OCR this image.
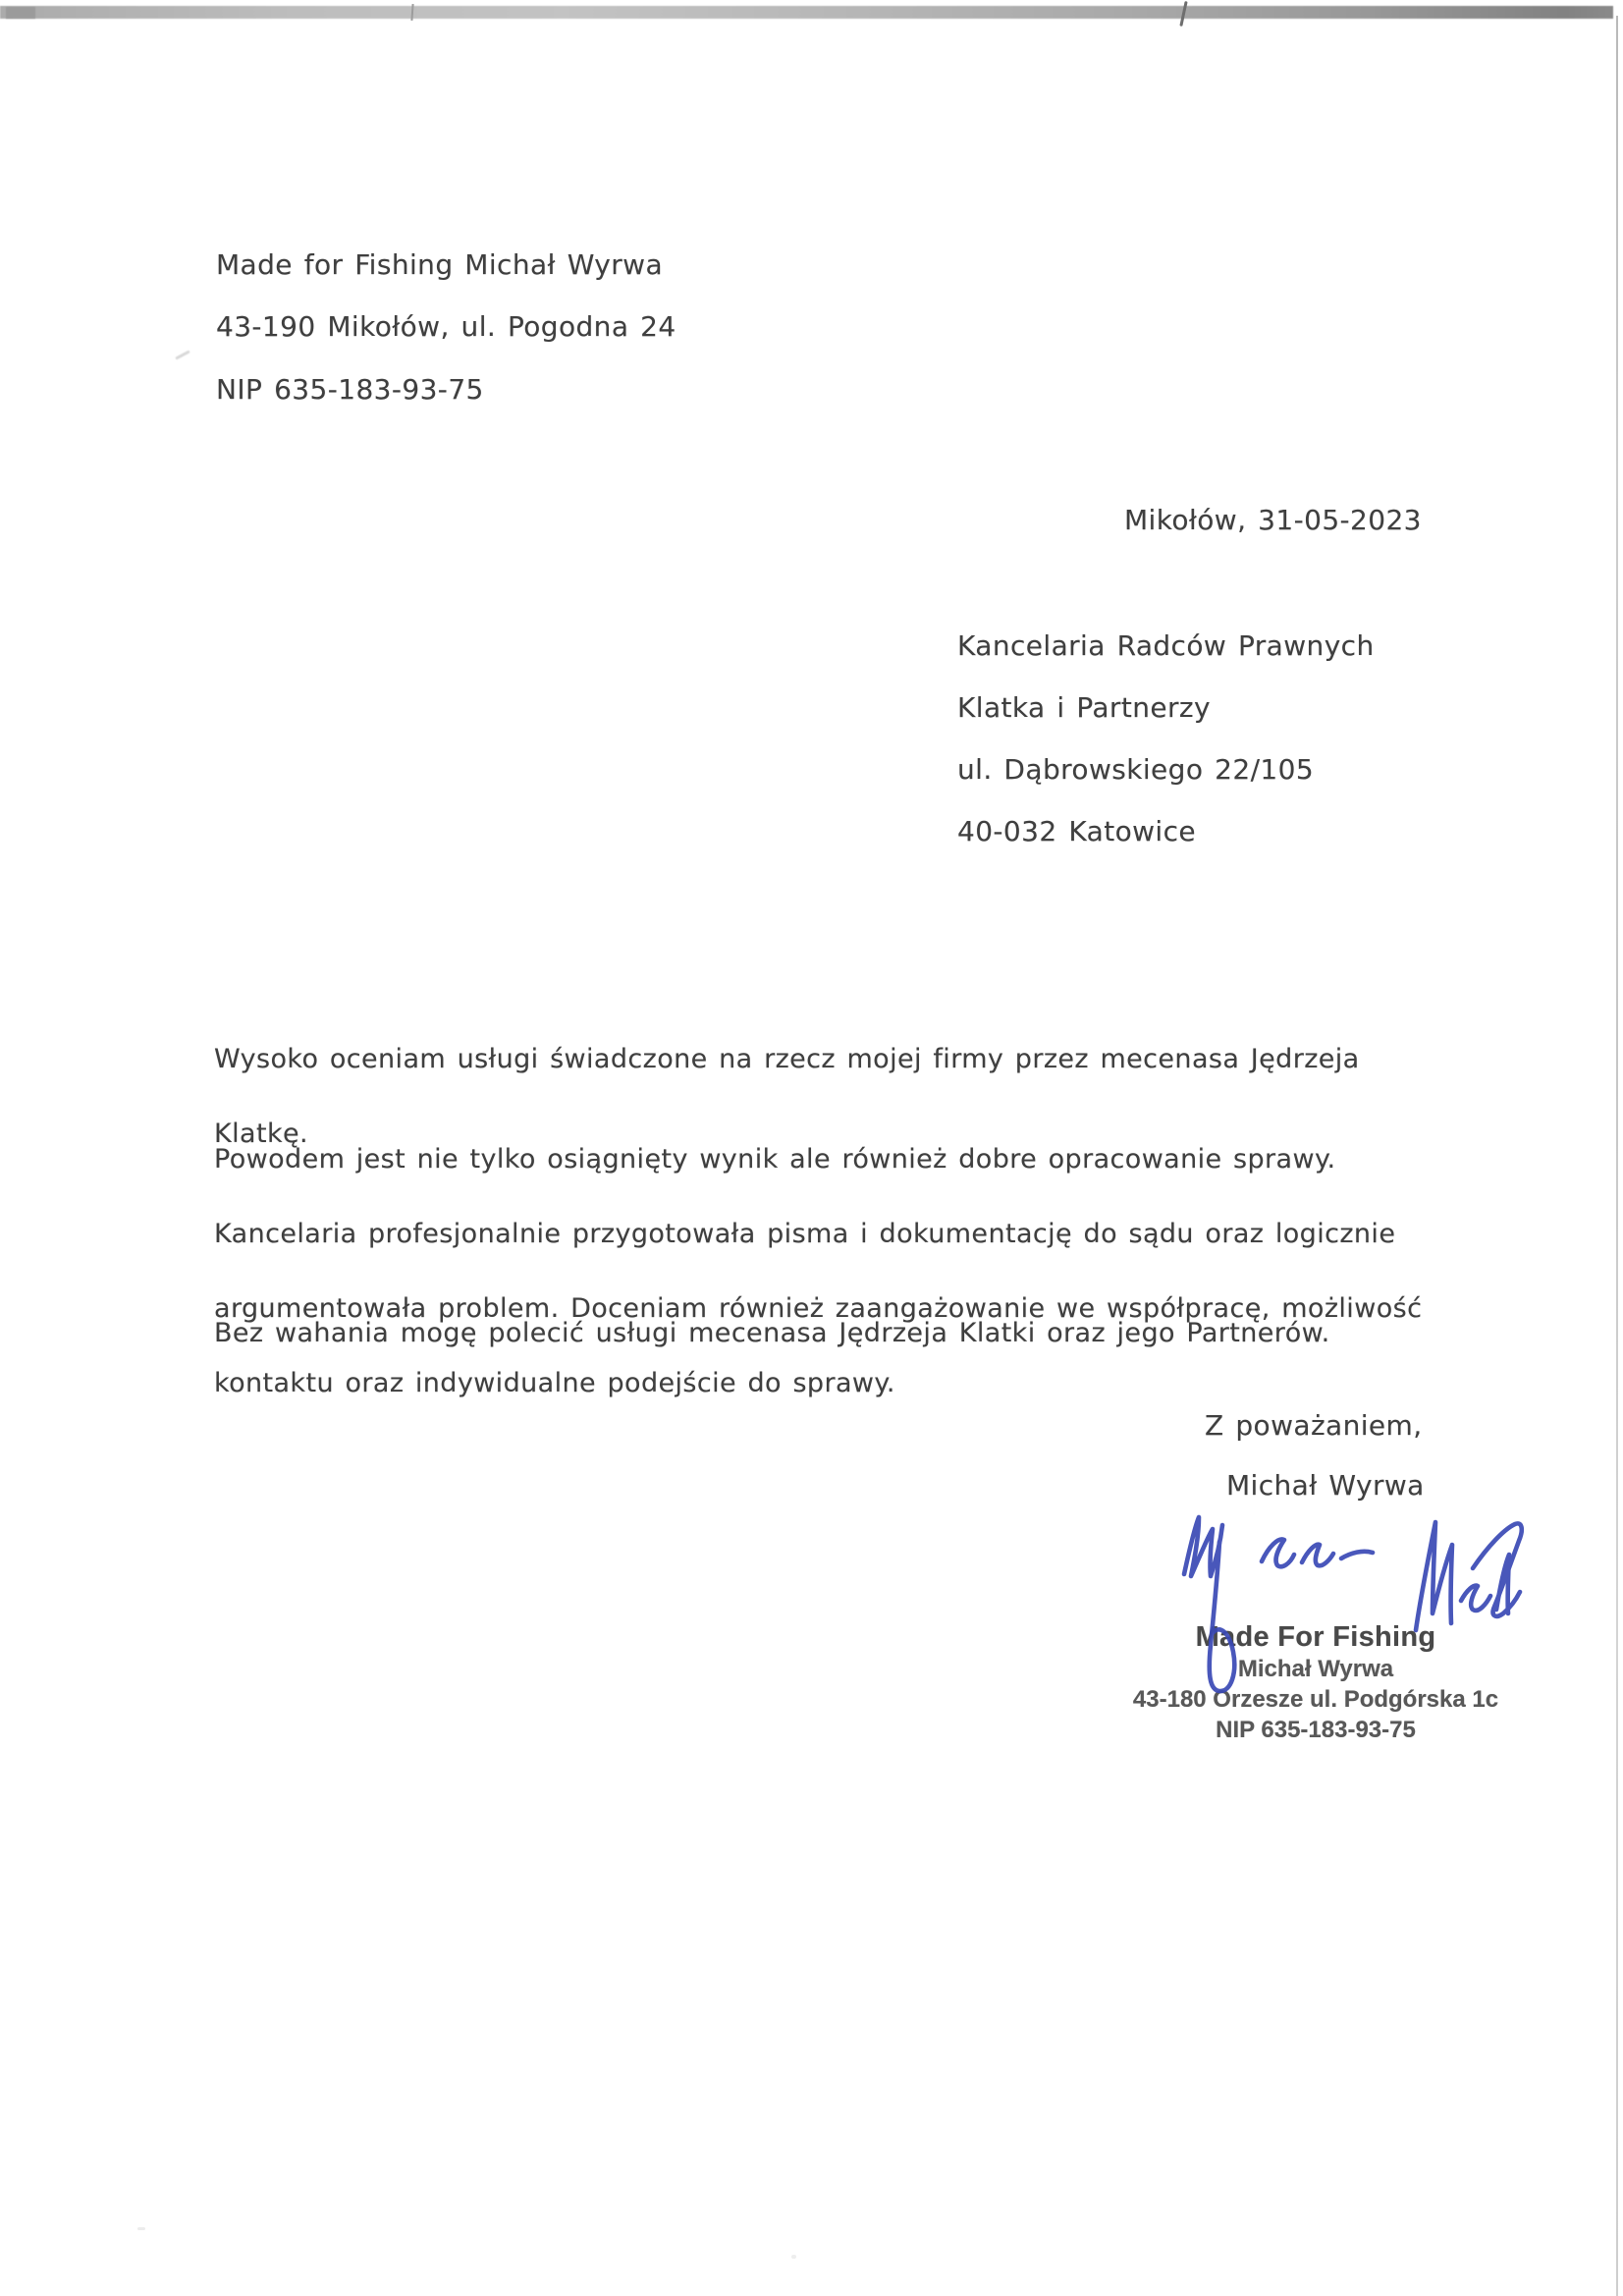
Made for Fishing Michał Wyrwa
43-190 Mikołów, ul. Pogodna 24
NIP 635-183-93-75
Mikołów, 31-05-2023
Kancelaria Radców Prawnych
Klatka i Partnerzy
ul. Dąbrowskiego 22/105
40-032 Katowice

Wysoko oceniam usługi świadczone na rzecz mojej firmy przez mecenasa Jędrzeja

Klatkę.

Powodem jest nie tylko osiągnięty wynik ale również dobre opracowanie sprawy.

Kancelaria profesjonalnie przygotowała pisma i dokumentację do sądu oraz logicznie

argumentowała problem. Doceniam również zaangażowanie we współpracę, możliwość

kontaktu oraz indywidualne podejście do sprawy.

Bez wahania mogę polecić usługi mecenasa Jędrzeja Klatki oraz jego Partnerów.

Z poważaniem,
Michał Wyrwa
Made For Fishing
Michał Wyrwa
43-180 Orzesze ul. Podgórska 1c
NIP 635-183-93-75
